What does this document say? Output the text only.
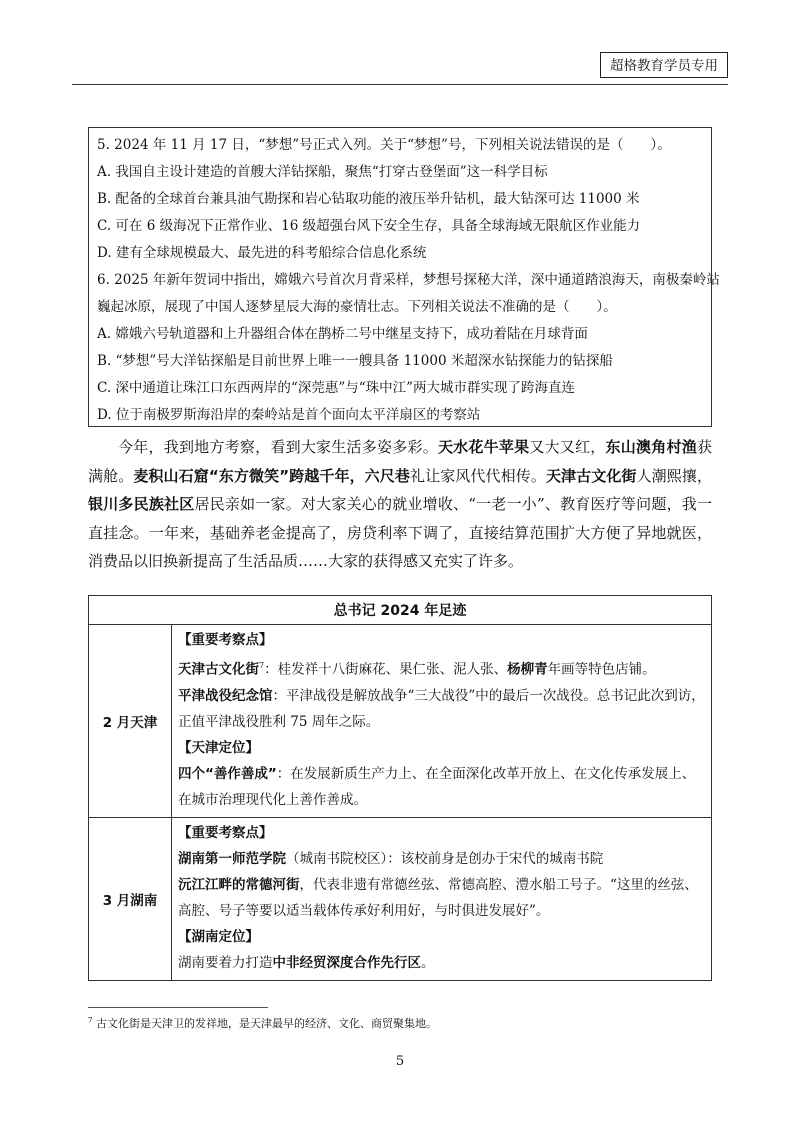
超格教育学员专用
5. 2024 年 11 月 17 日，“梦想”号正式入列。关于“梦想”号，下列相关说法错误的是（　　）。
A. 我国自主设计建造的首艘大洋钻探船，聚焦“打穿古登堡面”这一科学目标
B. 配备的全球首台兼具油气勘探和岩心钻取功能的液压举升钻机，最大钻深可达 11000 米
C. 可在 6 级海况下正常作业、16 级超强台风下安全生存，具备全球海域无限航区作业能力
D. 建有全球规模最大、最先进的科考船综合信息化系统
6. 2025 年新年贺词中指出，嫦娥六号首次月背采样，梦想号探秘大洋，深中通道踏浪海天，南极秦岭站
巍起冰原，展现了中国人逐梦星辰大海的豪情壮志。下列相关说法不准确的是（　　）。
A. 嫦娥六号轨道器和上升器组合体在鹊桥二号中继星支持下，成功着陆在月球背面
B. “梦想”号大洋钻探船是目前世界上唯一一艘具备 11000 米超深水钻探能力的钻探船
C. 深中通道让珠江口东西两岸的“深莞惠”与“珠中江”两大城市群实现了跨海直连
D. 位于南极罗斯海沿岸的秦岭站是首个面向太平洋扇区的考察站

今年，我到地方考察，看到大家生活多姿多彩。天水花牛苹果又大又红，东山澳角村渔获满舱。麦积山石窟“东方微笑”跨越千年，六尺巷礼让家风代代相传。天津古文化街人潮熙攘，银川多民族社区居民亲如一家。对大家关心的就业增收、“一老一小”、教育医疗等问题，我一直挂念。一年来，基础养老金提高了，房贷利率下调了，直接结算范围扩大方便了异地就医，消费品以旧换新提高了生活品质……大家的获得感又充实了许多。

总书记 2024 年足迹	
2 月天津	【重要考察点】
天津古文化街$^7$：桂发祥十八街麻花、果仁张、泥人张、杨柳青年画等特色店铺。
平津战役纪念馆：平津战役是解放战争“三大战役”中的最后一次战役。总书记此次到访，正值平津战役胜利 75 周年之际。
【天津定位】
四个“善作善成”：在发展新质生产力上、在全面深化改革开放上、在文化传承发展上、在城市治理现代化上善作善成。

3 月湖南	【重要考察点】
湖南第一师范学院（城南书院校区）：该校前身是创办于宋代的城南书院
沅江江畔的常德河街，代表非遗有常德丝弦、常德高腔、澧水船工号子。“这里的丝弦、高腔、号子等要以适当载体传承好利用好，与时俱进发展好”。
【湖南定位】
湖南要着力打造中非经贸深度合作先行区。
$^7$ 古文化街是天津卫的发祥地，是天津最早的经济、文化、商贸聚集地。
5
